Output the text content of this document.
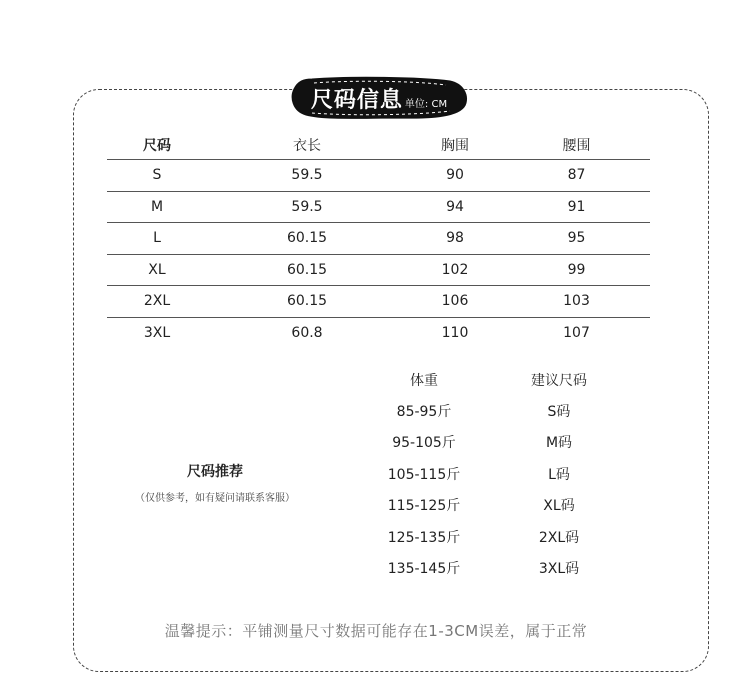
尺码信息 单位: CM
尺码	衣长	胸围	腰围
S	59.5	90	87
M	59.5	94	91
L	60.15	98	95
XL	60.15	102	99
2XL	60.15	106	103
3XL	60.8	110	107
尺码推荐
（仅供参考，如有疑问请联系客服）
体重	建议尺码
85-95斤	S码
95-105斤	M码
105-115斤	L码
115-125斤	XL码
125-135斤	2XL码
135-145斤	3XL码
温馨提示：平铺测量尺寸数据可能存在1-3CM误差，属于正常
